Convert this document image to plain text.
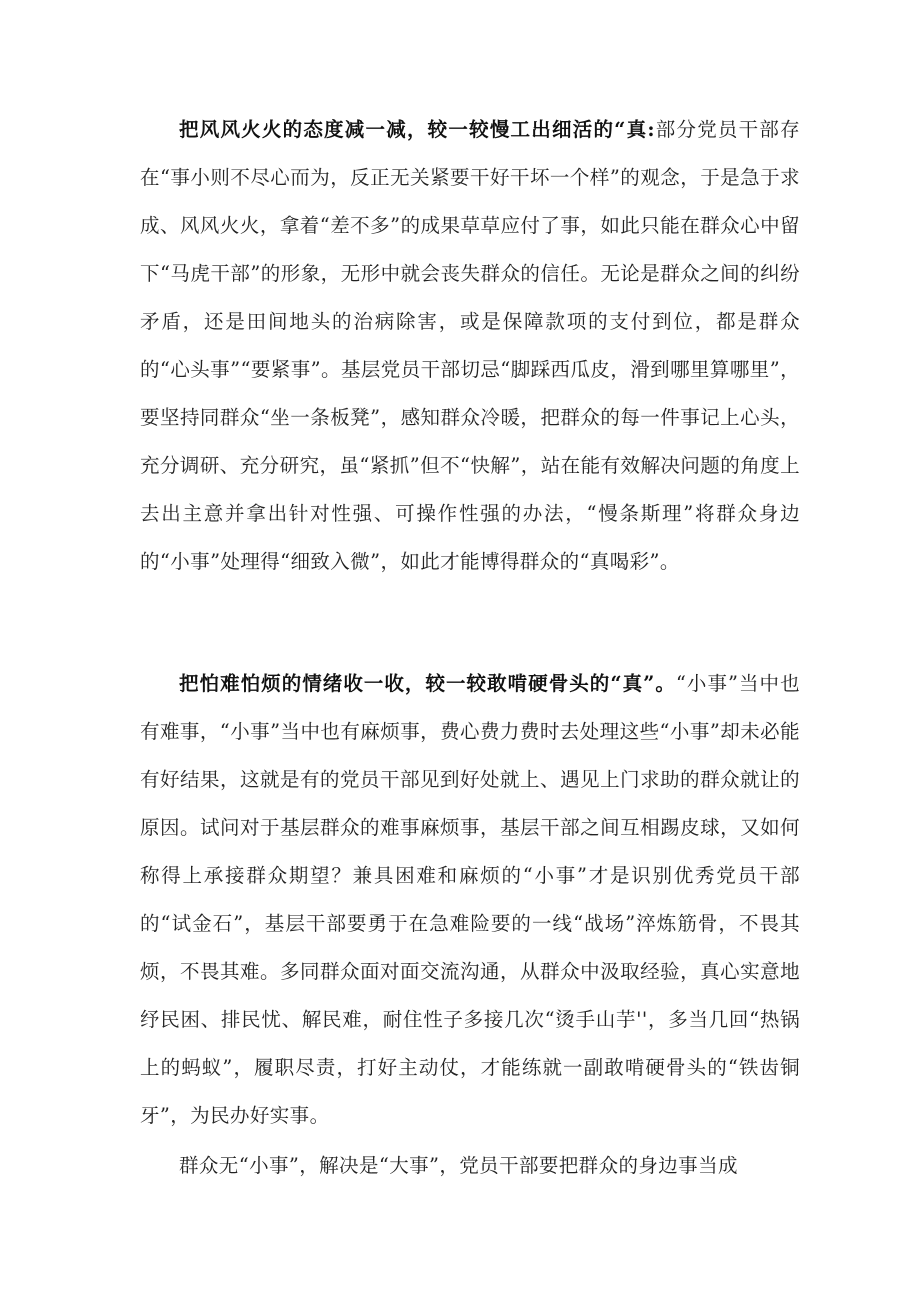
把风风火火的态度减一减，较一较慢工出细活的“真:部分党员干部存在“事小则不尽心而为，反正无关紧要干好干坏一个样”的观念，于是急于求成、风风火火，拿着“差不多”的成果草草应付了事，如此只能在群众心中留下“马虎干部”的形象，无形中就会丧失群众的信任。无论是群众之间的纠纷矛盾，还是田间地头的治病除害，或是保障款项的支付到位，都是群众的“心头事”“要紧事”。基层党员干部切忌“脚踩西瓜皮，滑到哪里算哪里”，要坚持同群众“坐一条板凳”，感知群众冷暖，把群众的每一件事记上心头，充分调研、充分研究，虽“紧抓”但不“快解”，站在能有效解决问题的角度上去出主意并拿出针对性强、可操作性强的办法，“慢条斯理”将群众身边的“小事”处理得“细致入微”，如此才能博得群众的“真喝彩”。

把怕难怕烦的情绪收一收，较一较敢啃硬骨头的“真”。“小事”当中也有难事，“小事”当中也有麻烦事，费心费力费时去处理这些“小事”却未必能有好结果，这就是有的党员干部见到好处就上、遇见上门求助的群众就让的原因。试问对于基层群众的难事麻烦事，基层干部之间互相踢皮球，又如何称得上承接群众期望？兼具困难和麻烦的“小事”才是识别优秀党员干部的“试金石”，基层干部要勇于在急难险要的一线“战场”淬炼筋骨，不畏其烦，不畏其难。多同群众面对面交流沟通，从群众中汲取经验，真心实意地纾民困、排民忧、解民难，耐住性子多接几次“烫手山芋''，多当几回“热锅上的蚂蚁”，履职尽责，打好主动仗，才能练就一副敢啃硬骨头的“铁齿铜牙”，为民办好实事。

群众无“小事”，解决是“大事”，党员干部要把群众的身边事当成
